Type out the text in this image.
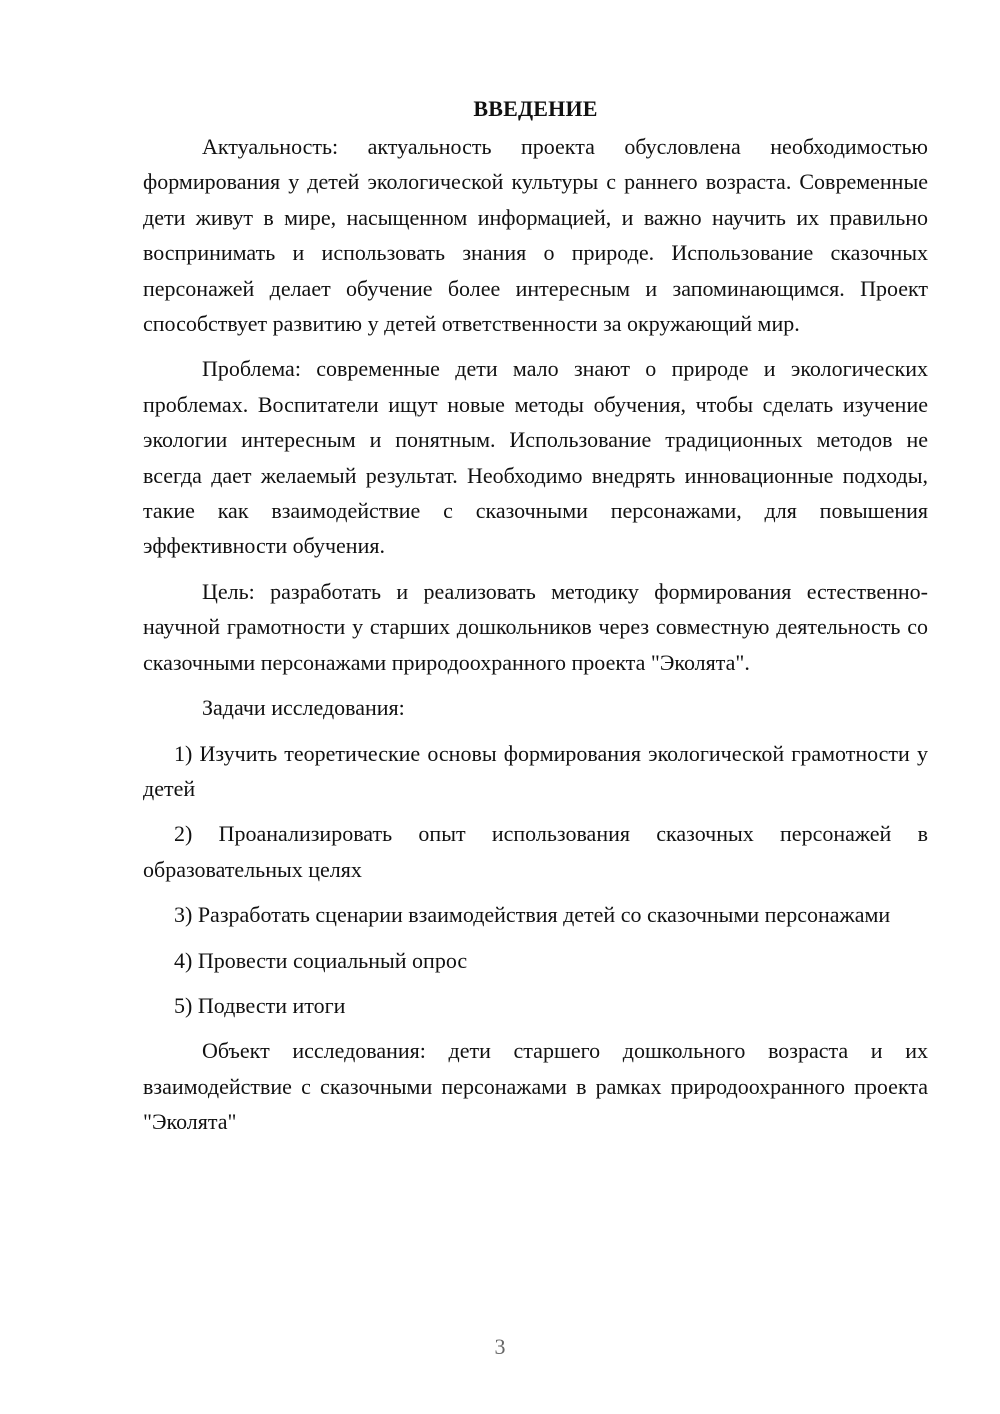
ВВЕДЕНИЕ

Актуальность: актуальность проекта обусловлена необходимостью формирования у детей экологической культуры с раннего возраста. Современные дети живут в мире, насыщенном информацией, и важно научить их правильно воспринимать и использовать знания о природе. Использование сказочных персонажей делает обучение более интересным и запоминающимся. Проект способствует развитию у детей ответственности за окружающий мир.

Проблема: современные дети мало знают о природе и экологических проблемах. Воспитатели ищут новые методы обучения, чтобы сделать изучение экологии интересным и понятным. Использование традиционных методов не всегда дает желаемый результат. Необходимо внедрять инновационные подходы, такие как взаимодействие с сказочными персонажами, для повышения эффективности обучения.

Цель: разработать и реализовать методику формирования естественно-научной грамотности у старших дошкольников через совместную деятельность со сказочными персонажами природоохранного проекта "Эколята".

Задачи исследования:

1) Изучить теоретические основы формирования экологической грамотности у детей

2) Проанализировать опыт использования сказочных персонажей в образовательных целях

3) Разработать сценарии взаимодействия детей со сказочными персонажами

4) Провести социальный опрос

5) Подвести итоги

Объект исследования: дети старшего дошкольного возраста и их взаимодействие с сказочными персонажами в рамках природоохранного проекта "Эколята"

3
